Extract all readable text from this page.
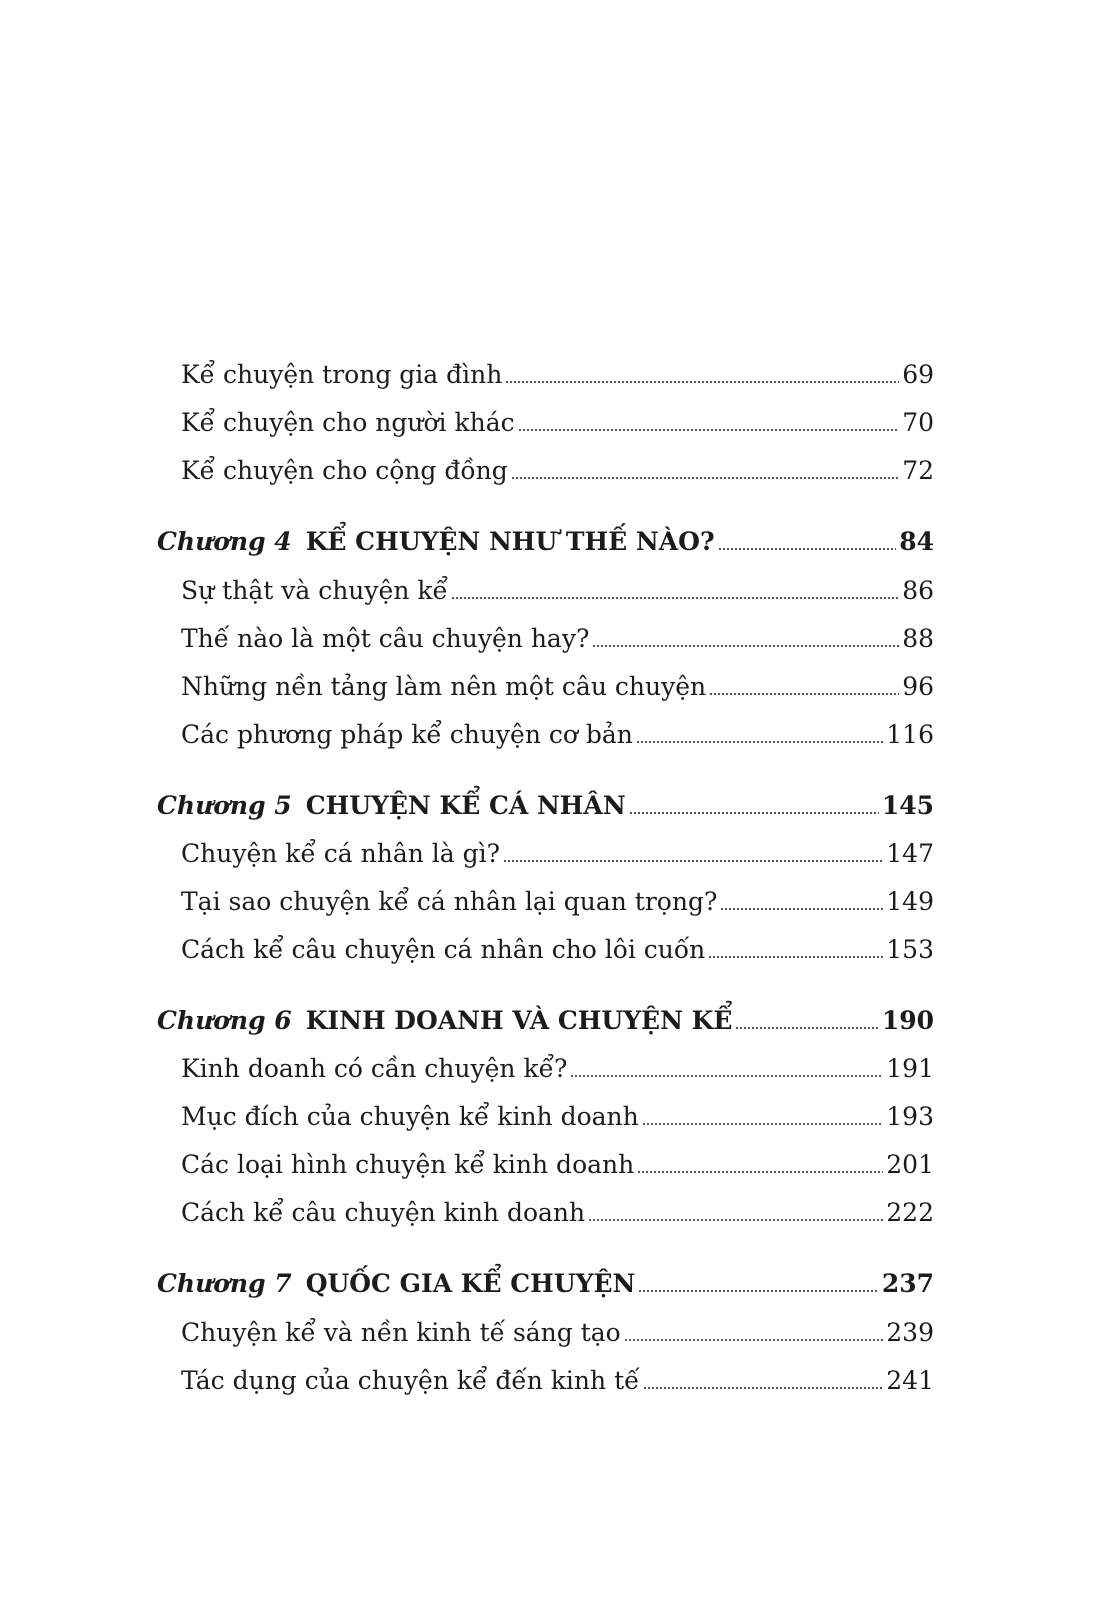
Kể chuyện trong gia đình	69
Kể chuyện cho người khác	70
Kể chuyện cho cộng đồng	72
Chương 4 KỂ CHUYỆN NHƯ THẾ NÀO?	84
Sự thật và chuyện kể	86
Thế nào là một câu chuyện hay?	88
Những nền tảng làm nên một câu chuyện	96
Các phương pháp kể chuyện cơ bản	116
Chương 5 CHUYỆN KỂ CÁ NHÂN	145
Chuyện kể cá nhân là gì?	147
Tại sao chuyện kể cá nhân lại quan trọng?	149
Cách kể câu chuyện cá nhân cho lôi cuốn	153
Chương 6 KINH DOANH VÀ CHUYỆN KỂ	190
Kinh doanh có cần chuyện kể?	191
Mục đích của chuyện kể kinh doanh	193
Các loại hình chuyện kể kinh doanh	201
Cách kể câu chuyện kinh doanh	222
Chương 7 QUỐC GIA KỂ CHUYỆN	237
Chuyện kể và nền kinh tế sáng tạo	239
Tác dụng của chuyện kể đến kinh tế	241
